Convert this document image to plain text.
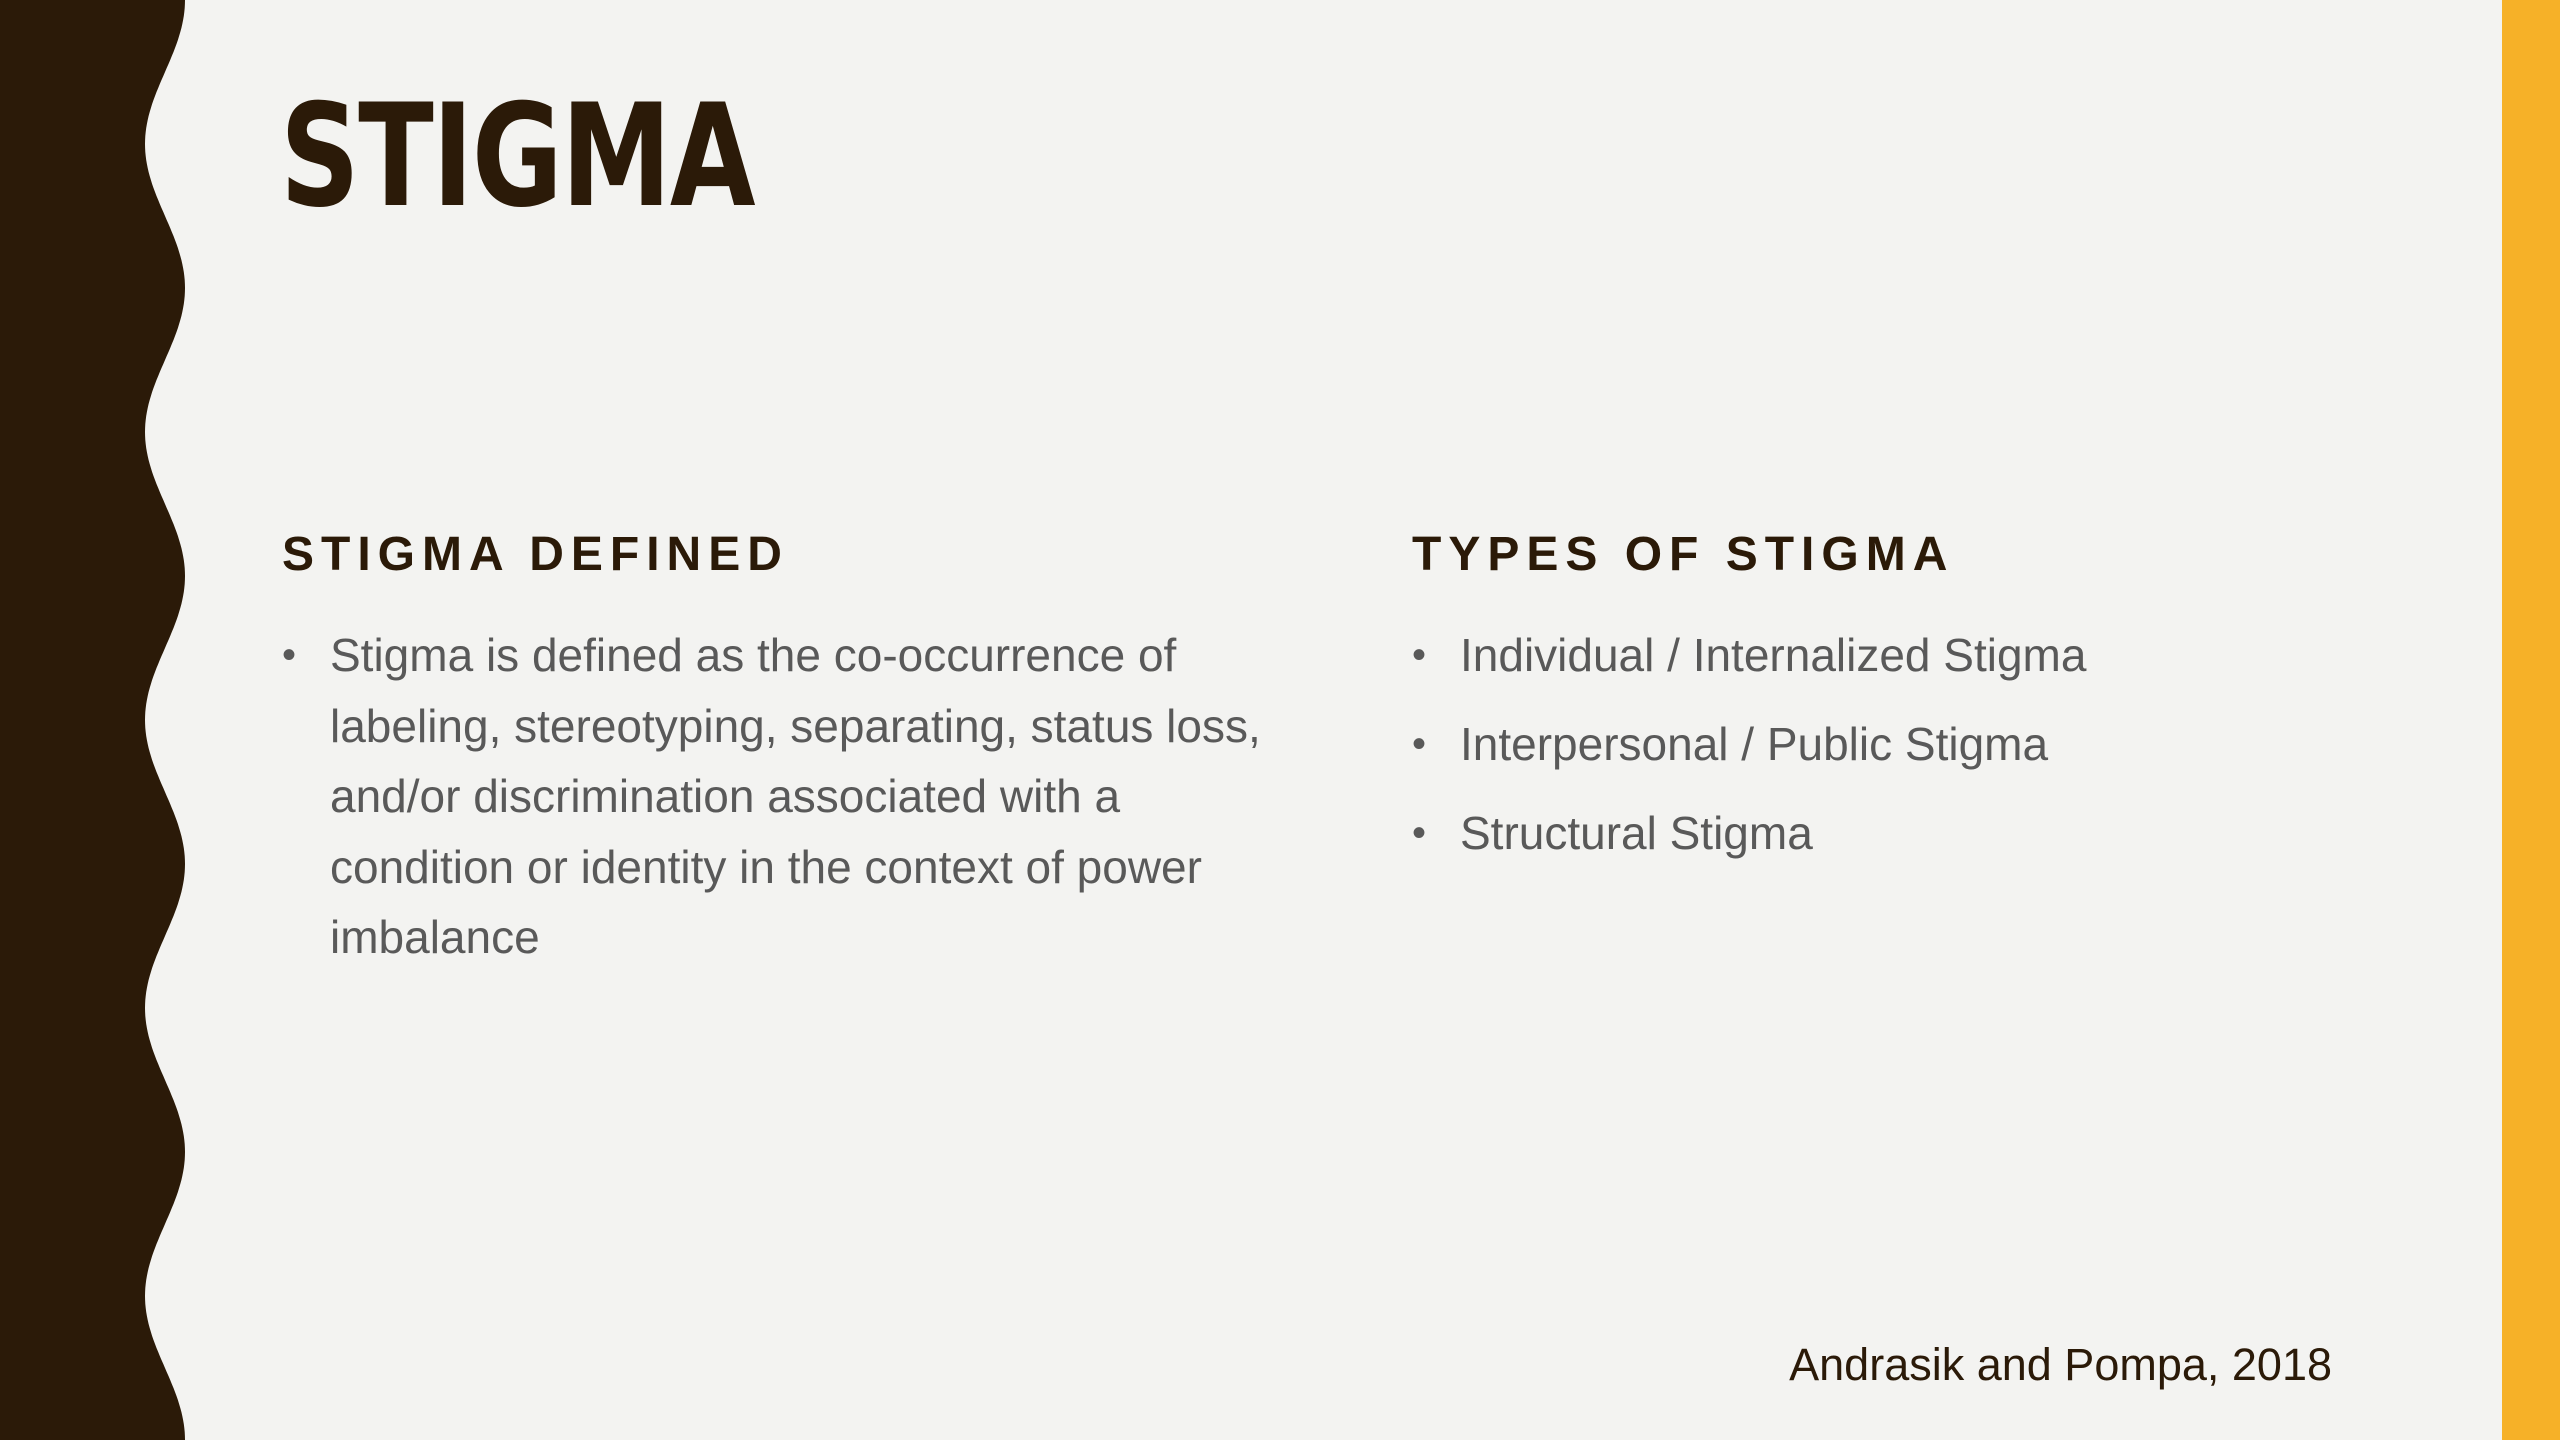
STIGMA
STIGMA DEFINED
• Stigma is defined as the co-occurrence of labeling, stereotyping, separating, status loss, and/or discrimination associated with a condition or identity in the context of power imbalance
TYPES OF STIGMA
• Individual / Internalized Stigma
• Interpersonal / Public Stigma
• Structural Stigma
Andrasik and Pompa, 2018
